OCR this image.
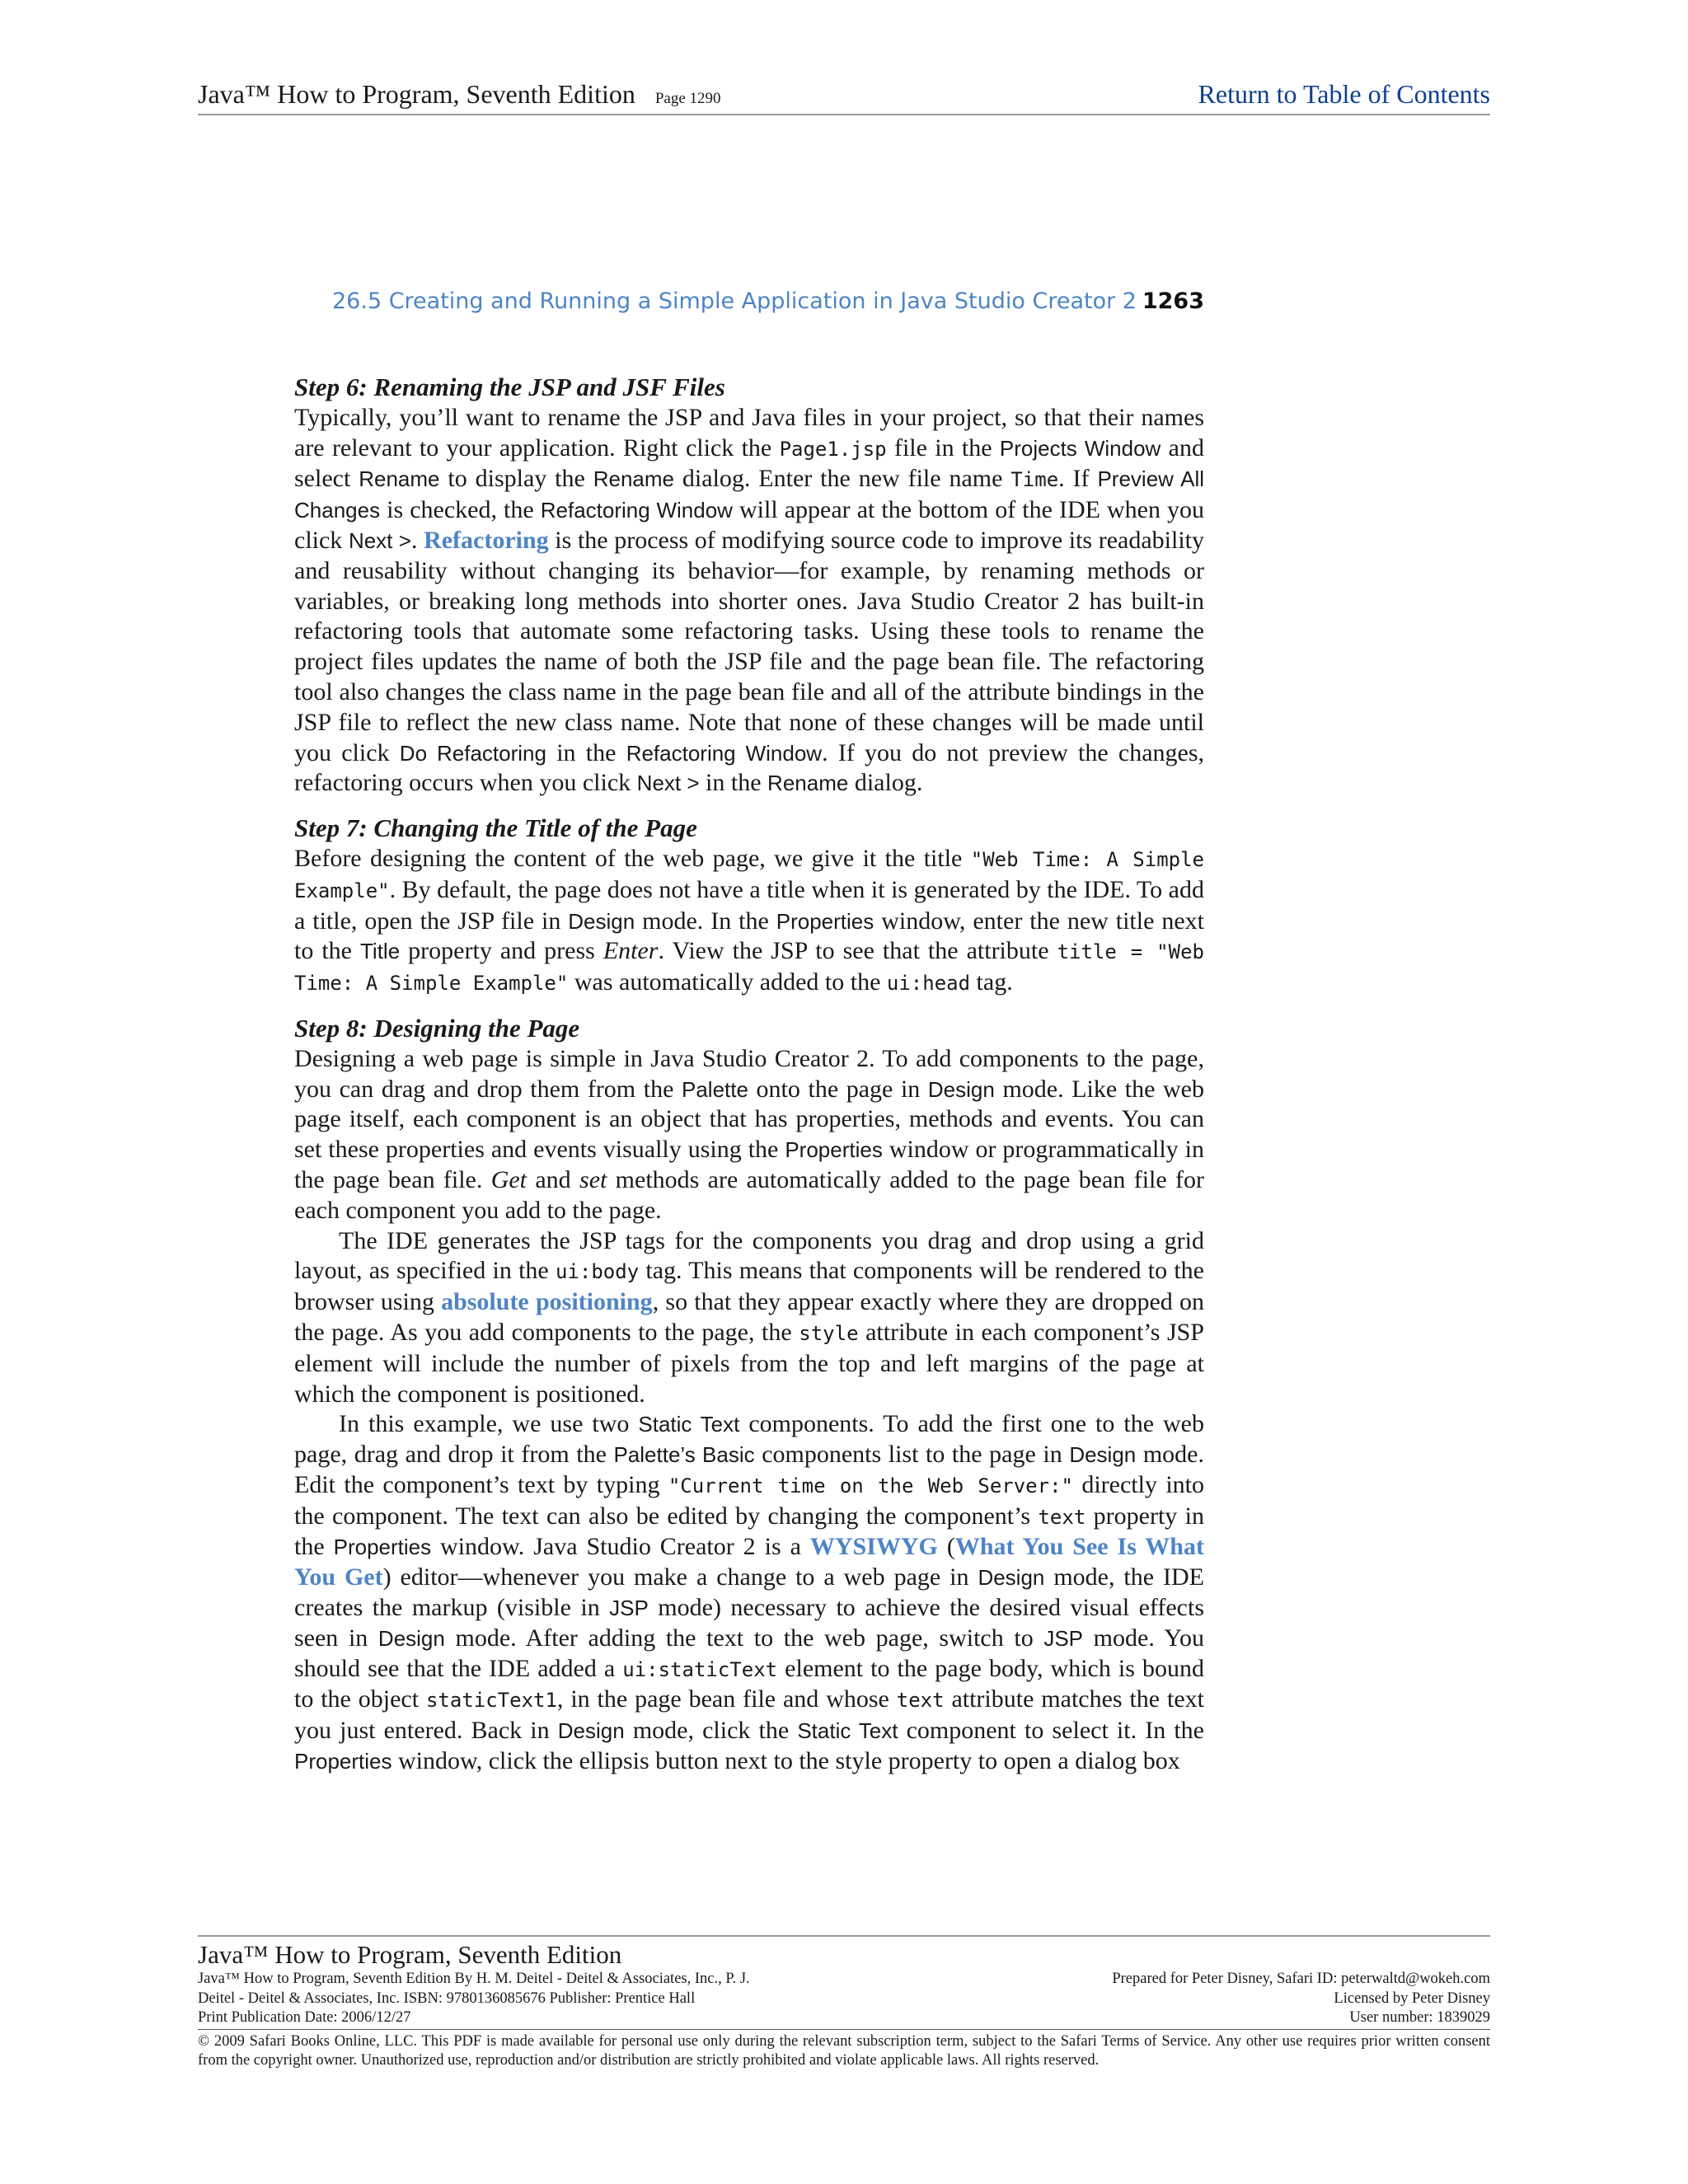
Java™ How to Program, Seventh Edition Page 1290	Return to Table of Contents
26.5 Creating and Running a Simple Application in Java Studio Creator 2 1263
Step 6: Renaming the JSP and JSF Files

Typically, you’ll want to rename the JSP and Java files in your project, so that their names are relevant to your application. Right click the Page1.jsp file in the Projects Window and select Rename to display the Rename dialog. Enter the new file name Time. If Preview All Changes is checked, the Refactoring Window will appear at the bottom of the IDE when you click Next >. Refactoring is the process of modifying source code to improve its readability and reusability without changing its behavior—for example, by renaming methods or variables, or breaking long methods into shorter ones. Java Studio Creator 2 has built-in refactoring tools that automate some refactoring tasks. Using these tools to rename the project files updates the name of both the JSP file and the page bean file. The refactoring tool also changes the class name in the page bean file and all of the attribute bindings in the JSP file to reflect the new class name. Note that none of these changes will be made until you click Do Refactoring in the Refactoring Window. If you do not preview the changes, refactoring occurs when you click Next > in the Rename dialog.

Step 7: Changing the Title of the Page

Before designing the content of the web page, we give it the title "Web Time: A Simple Example". By default, the page does not have a title when it is generated by the IDE. To add a title, open the JSP file in Design mode. In the Properties window, enter the new title next to the Title property and press Enter. View the JSP to see that the attribute title = "Web Time: A Simple Example" was automatically added to the ui:head tag.

Step 8: Designing the Page

Designing a web page is simple in Java Studio Creator 2. To add components to the page, you can drag and drop them from the Palette onto the page in Design mode. Like the web page itself, each component is an object that has properties, methods and events. You can set these properties and events visually using the Properties window or programmatically in the page bean file. Get and set methods are automatically added to the page bean file for each component you add to the page.

The IDE generates the JSP tags for the components you drag and drop using a grid layout, as specified in the ui:body tag. This means that components will be rendered to the browser using absolute positioning, so that they appear exactly where they are dropped on the page. As you add components to the page, the style attribute in each component’s JSP element will include the number of pixels from the top and left margins of the page at which the component is positioned.

In this example, we use two Static Text components. To add the first one to the web page, drag and drop it from the Palette’s Basic components list to the page in Design mode. Edit the component’s text by typing "Current time on the Web Server:" directly into the component. The text can also be edited by changing the component’s text property in the Properties window. Java Studio Creator 2 is a WYSIWYG (What You See Is What You Get) editor—whenever you make a change to a web page in Design mode, the IDE creates the markup (visible in JSP mode) necessary to achieve the desired visual effects seen in Design mode. After adding the text to the web page, switch to JSP mode. You should see that the IDE added a ui:staticText element to the page body, which is bound to the object staticText1, in the page bean file and whose text attribute matches the text you just entered. Back in Design mode, click the Static Text component to select it. In the Properties window, click the ellipsis button next to the style property to open a dialog box

Java™ How to Program, Seventh Edition
Java™ How to Program, Seventh Edition By H. M. Deitel - Deitel & Associates, Inc., P. J.
Deitel - Deitel & Associates, Inc. ISBN: 9780136085676 Publisher: Prentice Hall
Print Publication Date: 2006/12/27
Prepared for Peter Disney, Safari ID: peterwaltd@wokeh.com
Licensed by Peter Disney
User number: 1839029
© 2009 Safari Books Online, LLC. This PDF is made available for personal use only during the relevant subscription term, subject to the Safari Terms of Service. Any other use requires prior written consent from the copyright owner. Unauthorized use, reproduction and/or distribution are strictly prohibited and violate applicable laws. All rights reserved.
